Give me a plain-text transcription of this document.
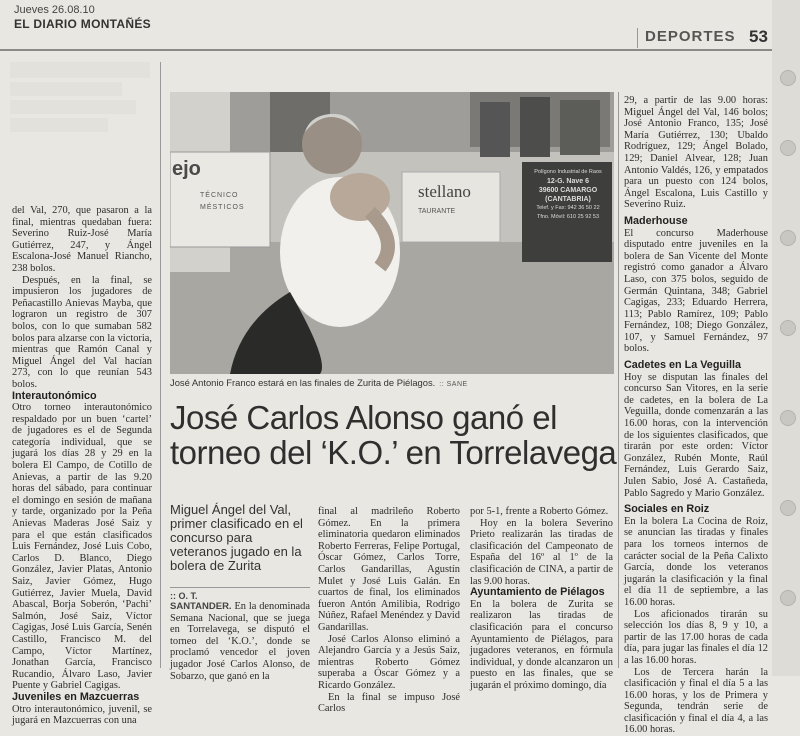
Jueves 26.08.10
EL DIARIO MONTAÑÉS
DEPORTES 53

del Val, 270, que pasaron a la final, mientras quedaban fuera: Severino Ruiz-José María Gutiérrez, 247, y Ángel Escalona-José Manuel Riancho, 238 bolos.

Después, en la final, se impusieron los jugadores de Peñacastillo Anievas Mayba, que lograron un registro de 307 bolos, con lo que sumaban 582 bolos para alzarse con la victoria, mientras que Ramón Canal y Miguel Ángel del Val hacían 273, con lo que reunían 543 bolos.

Interautonómico

Otro torneo interautonómico respaldado por un buen ‘cartel’ de jugadores es el de Segunda categoría individual, que se jugará los días 28 y 29 en la bolera El Campo, de Cotillo de Anievas, a partir de las 9.20 horas del sábado, para continuar el domingo en sesión de mañana y tarde, organizado por la Peña Anievas Maderas José Saiz y para el que están clasificados Luis Fernández, José Luis Cobo, Carlos D. Blanco, Diego González, Javier Platas, Antonio Saiz, Javier Gómez, Hugo Gutiérrez, Javier Muela, David Abascal, Borja Soberón, ‘Pachi’ Salmón, José Saiz, Víctor Cagigas, José Luis García, Senén Castillo, Francisco M. del Campo, Víctor Martínez, Jonathan García, Francisco Rucandio, Álvaro Laso, Javier Puente y Gabriel Cagigas.

Juveniles en Mazcuerras

Otro interautonómico, juvenil, se jugará en Mazcuerras con una

ejo
TÉCNICO
MÉSTICOS
stellano
TAURANTE
Polígono Industrial de Raos
12-G. Nave 6
39600 CAMARGO
(CANTABRIA)
Telef. y Fax: 942 36 50 22
Tfno. Móvil: 610 25 92 53
José Antonio Franco estará en las finales de Zurita de Piélagos. :: SANE
José Carlos Alonso ganó el torneo del ‘K.O.’ en Torrelavega
Miguel Ángel del Val, primer clasificado en el concurso para veteranos jugado en la bolera de Zurita
:: O. T.

SANTANDER. En la denominada Semana Nacional, que se juega en Torrelavega, se disputó el torneo del ‘K.O.’, donde se proclamó vencedor el joven jugador José Carlos Alonso, de Sobarzo, que ganó en la

final al madrileño Roberto Gómez. En la primera eliminatoria quedaron eliminados Roberto Ferreras, Felipe Portugal, Óscar Gómez, Carlos Torre, Carlos Gandarillas, Agustín Mulet y José Luis Galán. En cuartos de final, los eliminados fueron Antón Amilibia, Rodrigo Núñez, Rafael Menéndez y David Gandarillas.

José Carlos Alonso eliminó a Alejandro García y a Jesús Saiz, mientras Roberto Gómez superaba a Óscar Gómez y a Ricardo González.

En la final se impuso José Carlos

por 5-1, frente a Roberto Gómez.

Hoy en la bolera Severino Prieto realizarán las tiradas de clasificación del Campeonato de España del 16º al 1º de la clasificación de CINA, a partir de las 9.00 horas.

Ayuntamiento de Piélagos

En la bolera de Zurita se realizaron las tiradas de clasificación para el concurso Ayuntamiento de Piélagos, para jugadores veteranos, en fórmula individual, y donde alcanzaron un puesto en las finales, que se jugarán el próximo domingo, día

29, a partir de las 9.00 horas: Miguel Ángel del Val, 146 bolos; José Antonio Franco, 135; José María Gutiérrez, 130; Ubaldo Rodríguez, 129; Ángel Bolado, 129; Daniel Alvear, 128; Juan Antonio Valdés, 126, y empatados para un puesto con 124 bolos, Ángel Escalona, Luis Castillo y Severino Ruiz.

Maderhouse

El concurso Maderhouse disputado entre juveniles en la bolera de San Vicente del Monte registró como ganador a Álvaro Laso, con 375 bolos, seguido de Germán Quintana, 348; Gabriel Cagigas, 233; Eduardo Herrera, 113; Pablo Ramírez, 109; Pablo Fernández, 108; Diego González, 107, y Samuel Fernández, 97 bolos.

Cadetes en La Veguilla

Hoy se disputan las finales del concurso San Vitores, en la serie de cadetes, en la bolera de La Veguilla, donde comenzarán a las 16.00 horas, con la intervención de los siguientes clasificados, que tirarán por este orden: Víctor González, Rubén Monte, Raúl Fernández, Luis Gerardo Saiz, Julen Sabio, José A. Castañeda, Pablo Sagredo y Mario González.

Sociales en Roiz

En la bolera La Cocina de Roiz, se anuncian las tiradas y finales para los torneos internos de carácter social de la Peña Calixto García, donde los veteranos jugarán la clasificación y la final el día 11 de septiembre, a las 16.00 horas.

Los aficionados tirarán su selección los días 8, 9 y 10, a partir de las 17.00 horas de cada día, para jugar las finales el día 12 a las 16.00 horas.

Los de Tercera harán la clasificación y final el día 5 a las 16.00 horas, y los de Primera y Segunda, tendrán serie de clasificación y final el día 4, a las 16.00 horas.
